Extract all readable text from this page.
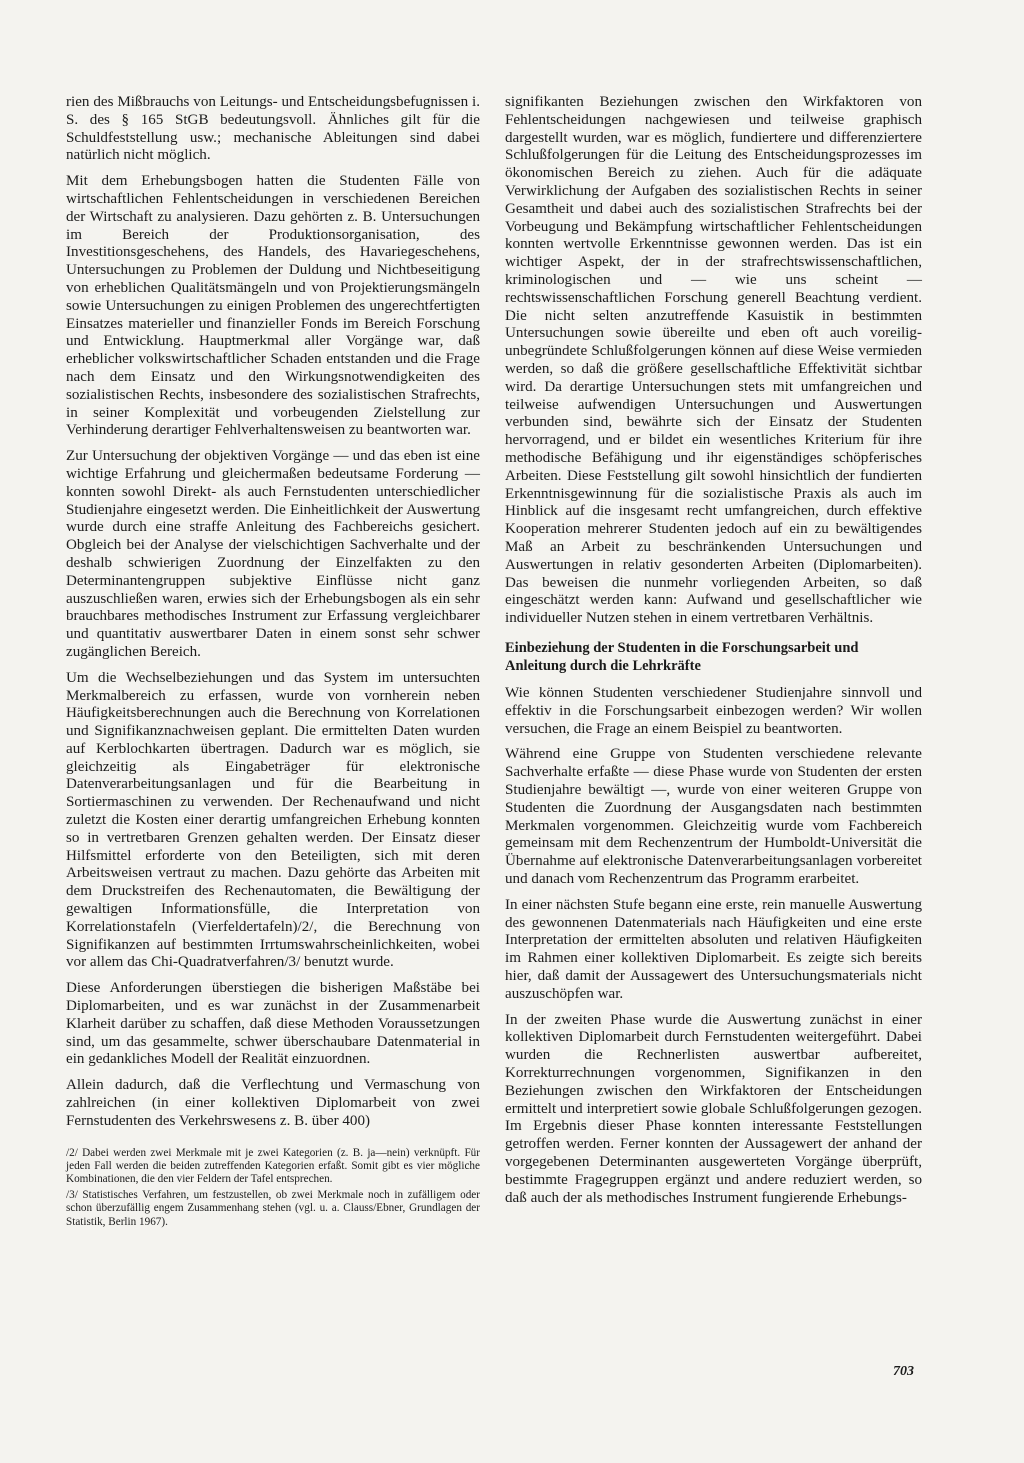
rien des Mißbrauchs von Leitungs- und Entscheidungsbefugnissen i. S. des § 165 StGB bedeutungsvoll. Ähnliches gilt für die Schuldfeststellung usw.; mechanische Ableitungen sind dabei natürlich nicht möglich.

Mit dem Erhebungsbogen hatten die Studenten Fälle von wirtschaftlichen Fehlentscheidungen in verschiedenen Bereichen der Wirtschaft zu analysieren. Dazu gehörten z. B. Untersuchungen im Bereich der Produktionsorganisation, des Investitionsgeschehens, des Handels, des Havariegeschehens, Untersuchungen zu Problemen der Duldung und Nichtbeseitigung von erheblichen Qualitätsmängeln und von Projektierungsmängeln sowie Untersuchungen zu einigen Problemen des ungerechtfertigten Einsatzes materieller und finanzieller Fonds im Bereich Forschung und Entwicklung. Hauptmerkmal aller Vorgänge war, daß erheblicher volkswirtschaftlicher Schaden entstanden und die Frage nach dem Einsatz und den Wirkungsnotwendigkeiten des sozialistischen Rechts, insbesondere des sozialistischen Strafrechts, in seiner Komplexität und vorbeugenden Zielstellung zur Verhinderung derartiger Fehlverhaltensweisen zu beantworten war.

Zur Untersuchung der objektiven Vorgänge — und das eben ist eine wichtige Erfahrung und gleichermaßen bedeutsame Forderung — konnten sowohl Direkt- als auch Fernstudenten unterschiedlicher Studienjahre eingesetzt werden. Die Einheitlichkeit der Auswertung wurde durch eine straffe Anleitung des Fachbereichs gesichert. Obgleich bei der Analyse der vielschichtigen Sachverhalte und der deshalb schwierigen Zuordnung der Einzelfakten zu den Determinantengruppen subjektive Einflüsse nicht ganz auszuschließen waren, erwies sich der Erhebungsbogen als ein sehr brauchbares methodisches Instrument zur Erfassung vergleichbarer und quantitativ auswertbarer Daten in einem sonst sehr schwer zugänglichen Bereich.

Um die Wechselbeziehungen und das System im untersuchten Merkmalbereich zu erfassen, wurde von vornherein neben Häufigkeitsberechnungen auch die Berechnung von Korrelationen und Signifikanznachweisen geplant. Die ermittelten Daten wurden auf Kerblochkarten übertragen. Dadurch war es möglich, sie gleichzeitig als Eingabeträger für elektronische Datenverarbeitungsanlagen und für die Bearbeitung in Sortiermaschinen zu verwenden. Der Rechenaufwand und nicht zuletzt die Kosten einer derartig umfangreichen Erhebung konnten so in vertretbaren Grenzen gehalten werden. Der Einsatz dieser Hilfsmittel erforderte von den Beteiligten, sich mit deren Arbeitsweisen vertraut zu machen. Dazu gehörte das Arbeiten mit dem Druckstreifen des Rechenautomaten, die Bewältigung der gewaltigen Informationsfülle, die Interpretation von Korrelationstafeln (Vierfeldertafeln)/2/, die Berechnung von Signifikanzen auf bestimmten Irrtumswahrscheinlichkeiten, wobei vor allem das Chi-Quadratverfahren/3/ benutzt wurde.

Diese Anforderungen überstiegen die bisherigen Maßstäbe bei Diplomarbeiten, und es war zunächst in der Zusammenarbeit Klarheit darüber zu schaffen, daß diese Methoden Voraussetzungen sind, um das gesammelte, schwer überschaubare Datenmaterial in ein gedankliches Modell der Realität einzuordnen.

Allein dadurch, daß die Verflechtung und Vermaschung von zahlreichen (in einer kollektiven Diplomarbeit von zwei Fernstudenten des Verkehrswesens z. B. über 400)

/2/ Dabei werden zwei Merkmale mit je zwei Kategorien (z. B. ja—nein) verknüpft. Für jeden Fall werden die beiden zutreffenden Kategorien erfaßt. Somit gibt es vier mögliche Kombinationen, die den vier Feldern der Tafel entsprechen.

/3/ Statistisches Verfahren, um festzustellen, ob zwei Merkmale noch in zufälligem oder schon überzufällig engem Zusammenhang stehen (vgl. u. a. Clauss/Ebner, Grundlagen der Statistik, Berlin 1967).

signifikanten Beziehungen zwischen den Wirkfaktoren von Fehlentscheidungen nachgewiesen und teilweise graphisch dargestellt wurden, war es möglich, fundiertere und differenziertere Schlußfolgerungen für die Leitung des Entscheidungsprozesses im ökonomischen Bereich zu ziehen. Auch für die adäquate Verwirklichung der Aufgaben des sozialistischen Rechts in seiner Gesamtheit und dabei auch des sozialistischen Strafrechts bei der Vorbeugung und Bekämpfung wirtschaftlicher Fehlentscheidungen konnten wertvolle Erkenntnisse gewonnen werden. Das ist ein wichtiger Aspekt, der in der strafrechtswissenschaftlichen, kriminologischen und — wie uns scheint — rechtswissenschaftlichen Forschung generell Beachtung verdient. Die nicht selten anzutreffende Kasuistik in bestimmten Untersuchungen sowie übereilte und eben oft auch voreilig-unbegründete Schlußfolgerungen können auf diese Weise vermieden werden, so daß die größere gesellschaftliche Effektivität sichtbar wird. Da derartige Untersuchungen stets mit umfangreichen und teilweise aufwendigen Untersuchungen und Auswertungen verbunden sind, bewährte sich der Einsatz der Studenten hervorragend, und er bildet ein wesentliches Kriterium für ihre methodische Befähigung und ihr eigenständiges schöpferisches Arbeiten. Diese Feststellung gilt sowohl hinsichtlich der fundierten Erkenntnisgewinnung für die sozialistische Praxis als auch im Hinblick auf die insgesamt recht umfangreichen, durch effektive Kooperation mehrerer Studenten jedoch auf ein zu bewältigendes Maß an Arbeit zu beschränkenden Untersuchungen und Auswertungen in relativ gesonderten Arbeiten (Diplomarbeiten). Das beweisen die nunmehr vorliegenden Arbeiten, so daß eingeschätzt werden kann: Aufwand und gesellschaftlicher wie individueller Nutzen stehen in einem vertretbaren Verhältnis.

Einbeziehung der Studenten in die Forschungsarbeit und Anleitung durch die Lehrkräfte

Wie können Studenten verschiedener Studienjahre sinnvoll und effektiv in die Forschungsarbeit einbezogen werden? Wir wollen versuchen, die Frage an einem Beispiel zu beantworten.

Während eine Gruppe von Studenten verschiedene relevante Sachverhalte erfaßte — diese Phase wurde von Studenten der ersten Studienjahre bewältigt —, wurde von einer weiteren Gruppe von Studenten die Zuordnung der Ausgangsdaten nach bestimmten Merkmalen vorgenommen. Gleichzeitig wurde vom Fachbereich gemeinsam mit dem Rechenzentrum der Humboldt-Universität die Übernahme auf elektronische Datenverarbeitungsanlagen vorbereitet und danach vom Rechenzentrum das Programm erarbeitet.

In einer nächsten Stufe begann eine erste, rein manuelle Auswertung des gewonnenen Datenmaterials nach Häufigkeiten und eine erste Interpretation der ermittelten absoluten und relativen Häufigkeiten im Rahmen einer kollektiven Diplomarbeit. Es zeigte sich bereits hier, daß damit der Aussagewert des Untersuchungsmaterials nicht auszuschöpfen war.

In der zweiten Phase wurde die Auswertung zunächst in einer kollektiven Diplomarbeit durch Fernstudenten weitergeführt. Dabei wurden die Rechnerlisten auswertbar aufbereitet, Korrekturrechnungen vorgenommen, Signifikanzen in den Beziehungen zwischen den Wirkfaktoren der Entscheidungen ermittelt und interpretiert sowie globale Schlußfolgerungen gezogen. Im Ergebnis dieser Phase konnten interessante Feststellungen getroffen werden. Ferner konnten der Aussagewert der anhand der vorgegebenen Determinanten ausgewerteten Vorgänge überprüft, bestimmte Fragegruppen ergänzt und andere reduziert werden, so daß auch der als methodisches Instrument fungierende Erhebungs-

703
